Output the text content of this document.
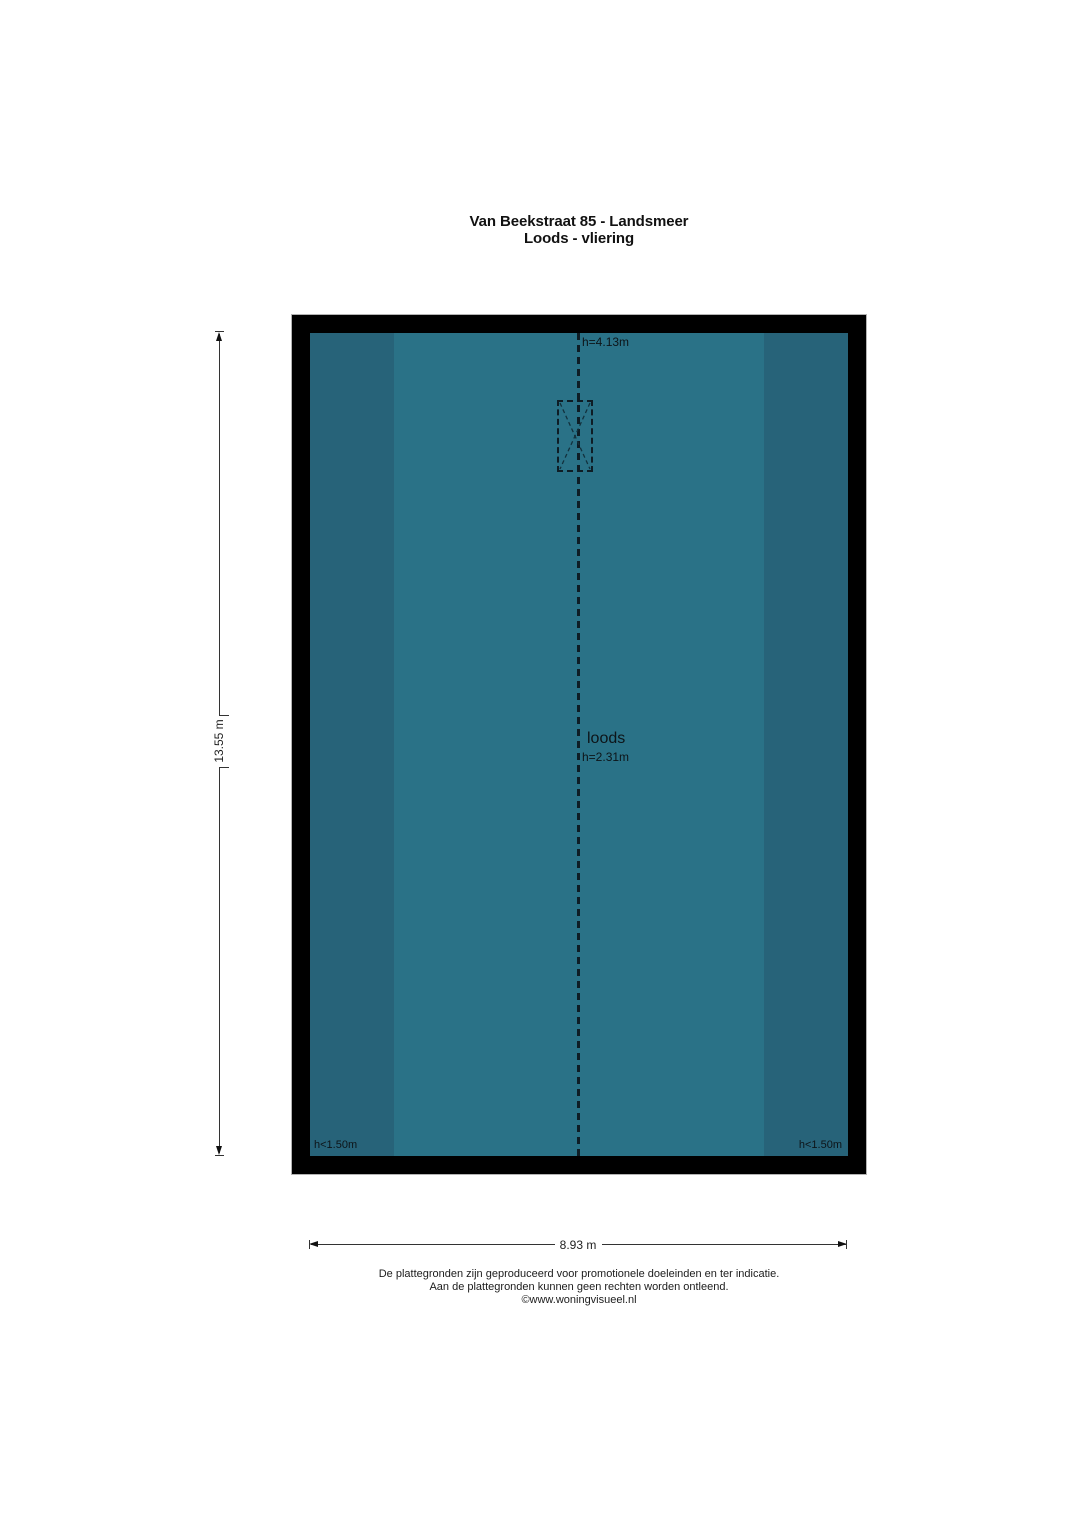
Van Beekstraat 85 - Landsmeer
Loods - vliering
h=4.13m
loods
h=2.31m
h<1.50m	h<1.50m
13.55 m
8.93 m
De plattegronden zijn geproduceerd voor promotionele doeleinden en ter indicatie.
Aan de plattegronden kunnen geen rechten worden ontleend.
©www.woningvisueel.nl
